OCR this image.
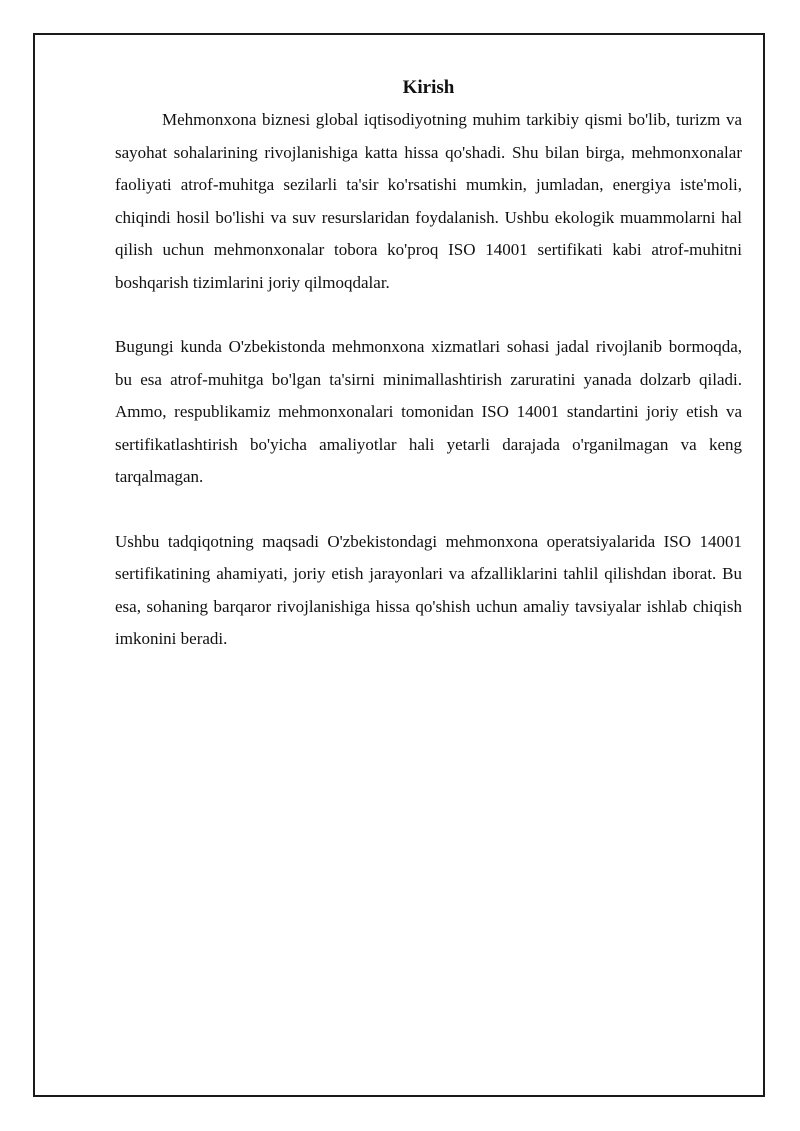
Kirish

Mehmonxona biznesi global iqtisodiyotning muhim tarkibiy qismi bo'lib, turizm va sayohat sohalarining rivojlanishiga katta hissa qo'shadi. Shu bilan birga, mehmonxonalar faoliyati atrof-muhitga sezilarli ta'sir ko'rsatishi mumkin, jumladan, energiya iste'moli, chiqindi hosil bo'lishi va suv resurslaridan foydalanish. Ushbu ekologik muammolarni hal qilish uchun mehmonxonalar tobora ko'proq ISO 14001 sertifikati kabi atrof-muhitni boshqarish tizimlarini joriy qilmoqdalar.

Bugungi kunda O'zbekistonda mehmonxona xizmatlari sohasi jadal rivojlanib bormoqda, bu esa atrof-muhitga bo'lgan ta'sirni minimallashtirish zaruratini yanada dolzarb qiladi. Ammo, respublikamiz mehmonxonalari tomonidan ISO 14001 standartini joriy etish va sertifikatlashtirish bo'yicha amaliyotlar hali yetarli darajada o'rganilmagan va keng tarqalmagan.

Ushbu tadqiqotning maqsadi O'zbekistondagi mehmonxona operatsiyalarida ISO 14001 sertifikatining ahamiyati, joriy etish jarayonlari va afzalliklarini tahlil qilishdan iborat. Bu esa, sohaning barqaror rivojlanishiga hissa qo'shish uchun amaliy tavsiyalar ishlab chiqish imkonini beradi.
